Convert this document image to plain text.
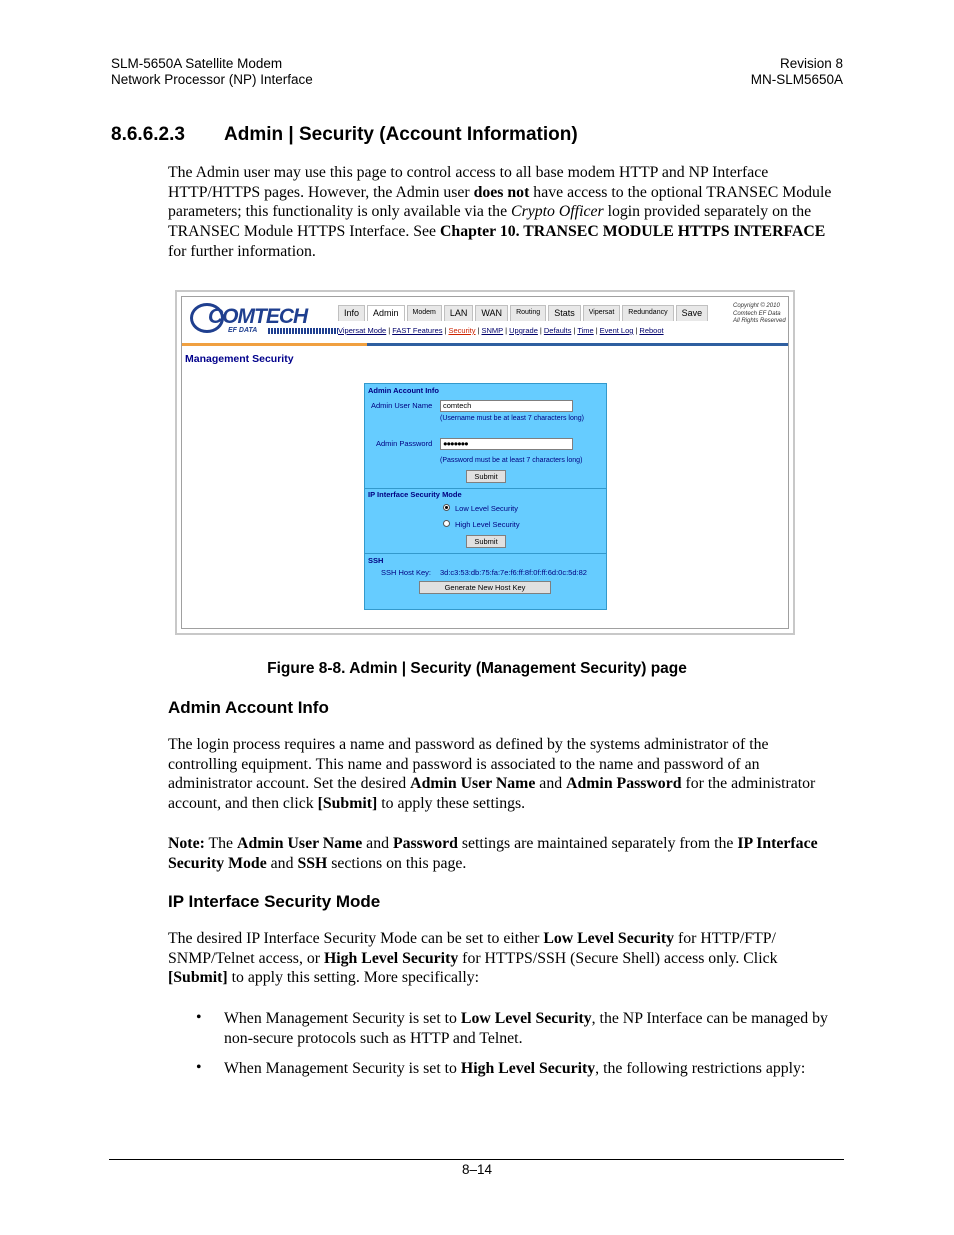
SLM-5650A Satellite Modem
Network Processor (NP) Interface
Revision 8
MN-SLM5650A
8.6.6.2.3 Admin | Security (Account Information)
The Admin user may use this page to control access to all base modem HTTP and NP Interface HTTP/HTTPS pages. However, the Admin user does not have access to the optional TRANSEC Module parameters; this functionality is only available via the Crypto Officer login provided separately on the TRANSEC Module HTTPS Interface. See Chapter 10. TRANSEC MODULE HTTPS INTERFACE for further information.
COMTECH
EF DATA
Info	Admin	Modem	LAN	WAN	Routing	Stats	Vipersat	Redundancy	Save
Copyright © 2010
Comtech EF Data
All Rights Reserved
Vipersat Mode | FAST Features | Security | SNMP | Upgrade | Defaults | Time | Event Log | Reboot
Management Security
Admin Account Info
Admin User Name	comtech
(Username must be at least 7 characters long)
Admin Password	●●●●●●●
(Password must be at least 7 characters long)
Submit
IP Interface Security Mode
Low Level Security
High Level Security
Submit
SSH
SSH Host Key: 3d:c3:53:db:75:fa:7e:f6:ff:8f:0f:ff:6d:0c:5d:82
Generate New Host Key
Figure 8-8. Admin | Security (Management Security) page
Admin Account Info
The login process requires a name and password as defined by the systems administrator of the controlling equipment. This name and password is associated to the name and password of an administrator account. Set the desired Admin User Name and Admin Password for the administrator account, and then click [Submit] to apply these settings.
Note: The Admin User Name and Password settings are maintained separately from the IP Interface Security Mode and SSH sections on this page.
IP Interface Security Mode
The desired IP Interface Security Mode can be set to either Low Level Security for HTTP/FTP/ SNMP/Telnet access, or High Level Security for HTTPS/SSH (Secure Shell) access only. Click [Submit] to apply this setting. More specifically:
• When Management Security is set to Low Level Security, the NP Interface can be managed by non-secure protocols such as HTTP and Telnet.
• When Management Security is set to High Level Security, the following restrictions apply:
8–14
